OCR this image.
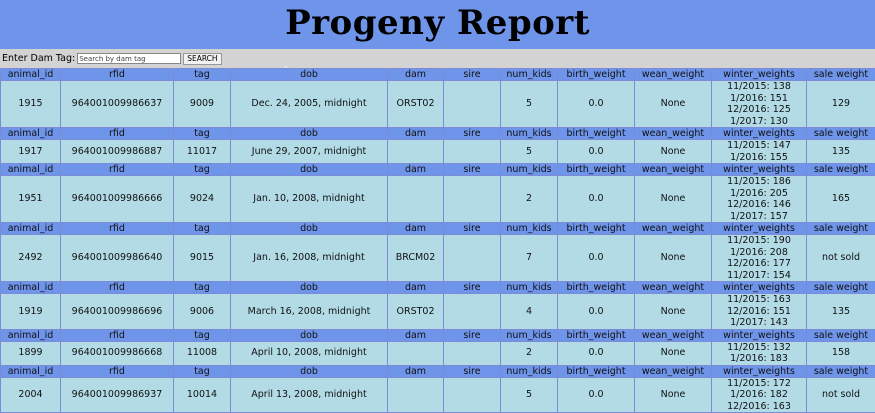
Progeny Report
Enter Dam Tag:
Search by dam tag	SEARCH
animal_id	rfid	tag	dob	dam	sire	num_kids	birth_weight	wean_weight	winter_weights	sale weight
1915	964001009986637	9009	Dec. 24, 2005, midnight	ORST02		5	0.0	None	11/2015: 138
1/2016: 151
12/2016: 125
1/2017: 130	129
animal_id	rfid	tag	dob	dam	sire	num_kids	birth_weight	wean_weight	winter_weights	sale weight
1917	964001009986887	11017	June 29, 2007, midnight			5	0.0	None	11/2015: 147
1/2016: 155	135
animal_id	rfid	tag	dob	dam	sire	num_kids	birth_weight	wean_weight	winter_weights	sale weight
1951	964001009986666	9024	Jan. 10, 2008, midnight			2	0.0	None	11/2015: 186
1/2016: 205
12/2016: 146
1/2017: 157	165
animal_id	rfid	tag	dob	dam	sire	num_kids	birth_weight	wean_weight	winter_weights	sale weight
2492	964001009986640	9015	Jan. 16, 2008, midnight	BRCM02		7	0.0	None	11/2015: 190
1/2016: 208
12/2016: 177
11/2017: 154	not sold
animal_id	rfid	tag	dob	dam	sire	num_kids	birth_weight	wean_weight	winter_weights	sale weight
1919	964001009986696	9006	March 16, 2008, midnight	ORST02		4	0.0	None	11/2015: 163
12/2016: 151
1/2017: 143	135
animal_id	rfid	tag	dob	dam	sire	num_kids	birth_weight	wean_weight	winter_weights	sale weight
1899	964001009986668	11008	April 10, 2008, midnight			2	0.0	None	11/2015: 132
1/2016: 183	158
animal_id	rfid	tag	dob	dam	sire	num_kids	birth_weight	wean_weight	winter_weights	sale weight
2004	964001009986937	10014	April 13, 2008, midnight			5	0.0	None	11/2015: 172
1/2016: 182
12/2016: 163	not sold
